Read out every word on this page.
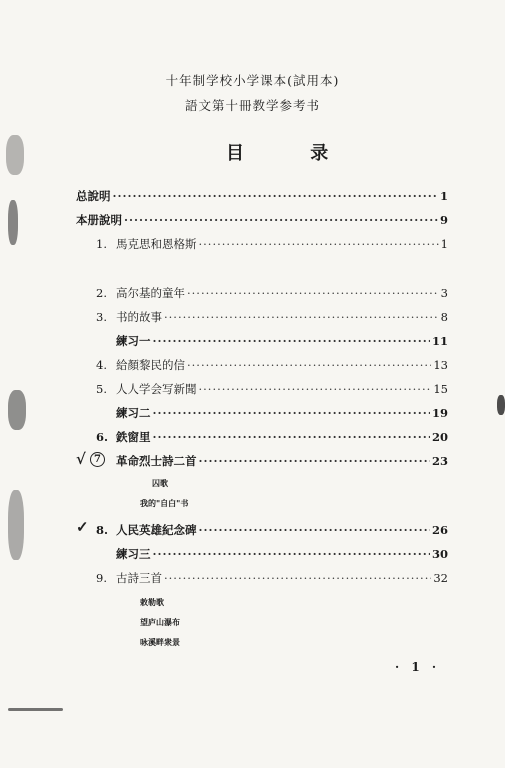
十年制学校小学课本(試用本)
語文第十冊教学参考书
目 录
总說明 ·····	1
本册說明 ·····	9
1. 馬克思和恩格斯 ·····	1
2. 高尔基的童年 ·····	3
3. 书的故事 ·····	8
練习一 ·····	11
4. 給顏黎民的信 ·····	13
5. 人人学会写新聞 ·····	15
練习二 ·····	19
6. 鉄窗里 ·····	20
√ 7	革命烈士詩二首 ·····	23
囚歌
我的"自白"书
✓ 8. 人民英雄紀念碑 ·····	26
練习三 ·····	30
9. 古詩三首 ·····	32
敕勒歌
望庐山瀑布
咏溪畔衆景
· 1 ·
